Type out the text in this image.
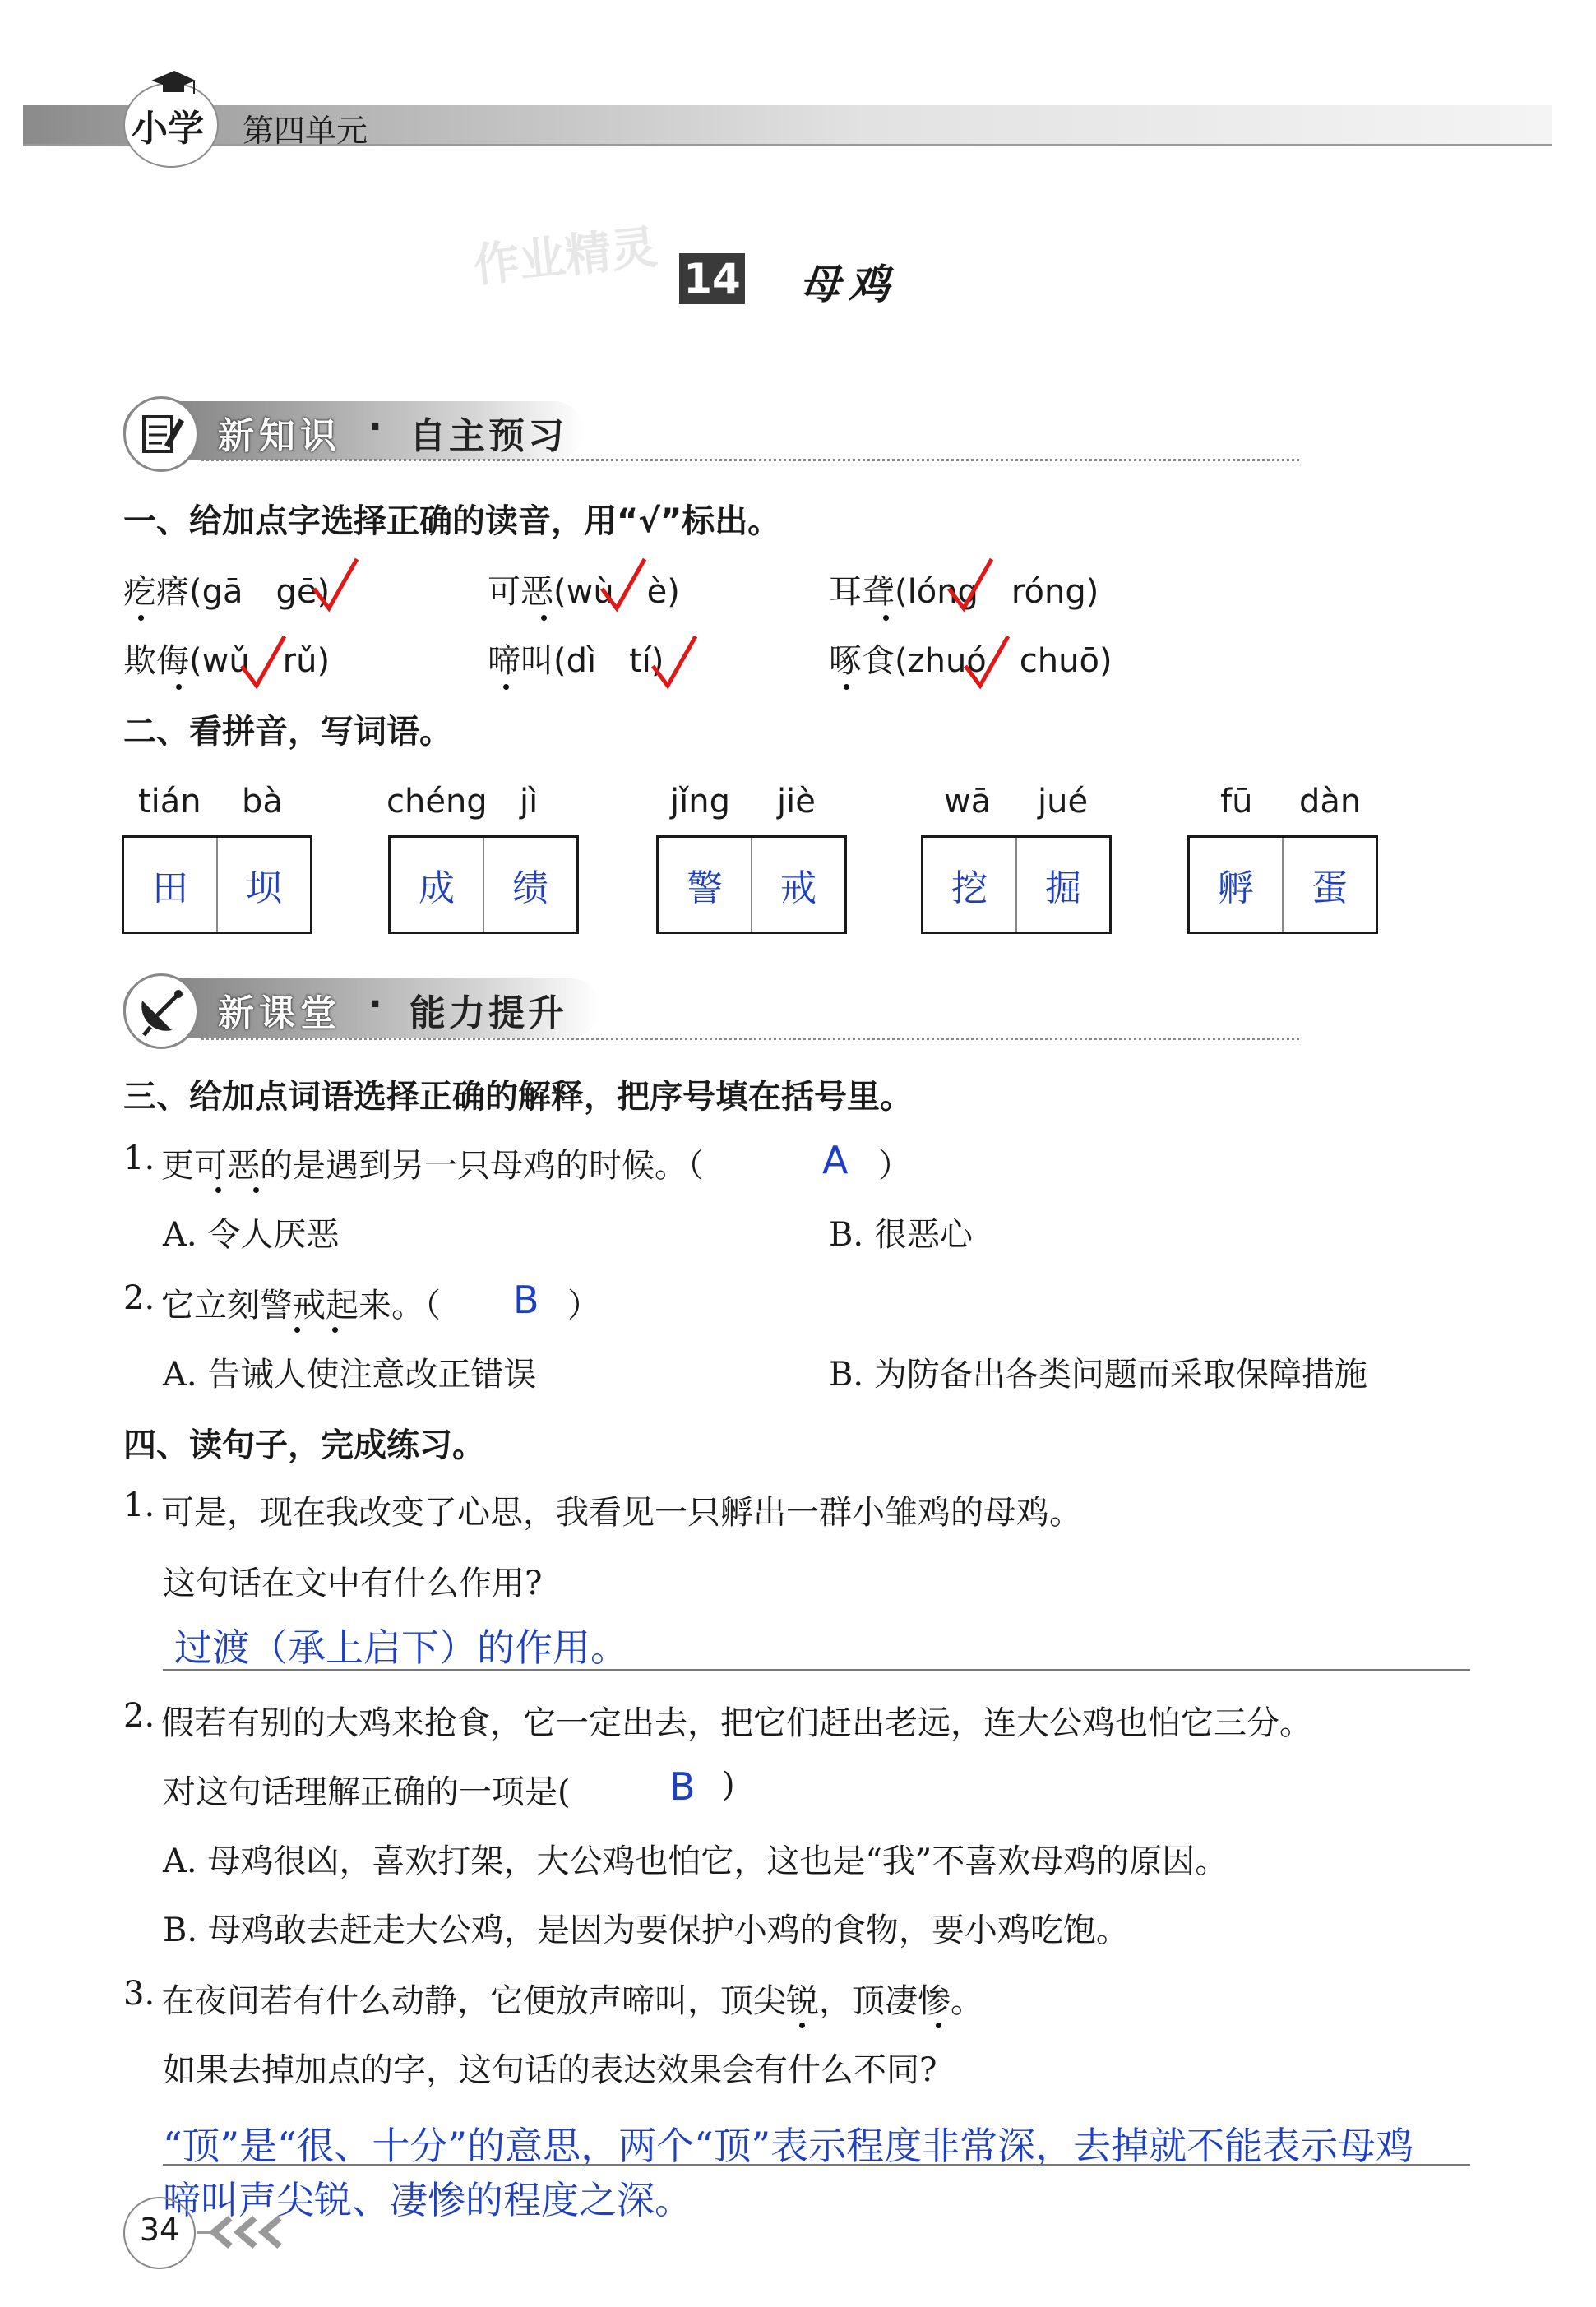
小学 第四单元
作业精灵 14 母鸡
新知识 · 自主预习
一、给加点字选择正确的读音，用“√”标出。
疙瘩(gā　gē)	可恶(wù　è)	耳聋(lóng　róng)
欺侮(wǔ　rǔ)	啼叫(dì　tí)	啄食(zhuó　chuō)
二、看拼音，写词语。
tián bà
田	坝
chéng jì
成	绩
jǐng jiè
警	戒
wā jué
挖	掘
fū dàn
孵	蛋
新课堂 · 能力提升
三、给加点词语选择正确的解释，把序号填在括号里。
1. 更可恶的是遇到另一只母鸡的时候。（	A ）
A. 令人厌恶	B. 很恶心
2. 它立刻警戒起来。（ B ）
A. 告诫人使注意改正错误	B. 为防备出各类问题而采取保障措施
四、读句子，完成练习。
1. 可是，现在我改变了心思，我看见一只孵出一群小雏鸡的母鸡。
这句话在文中有什么作用?
过渡（承上启下）的作用。
2. 假若有别的大鸡来抢食，它一定出去，把它们赶出老远，连大公鸡也怕它三分。
对这句话理解正确的一项是(	B )
A. 母鸡很凶，喜欢打架，大公鸡也怕它，这也是“我”不喜欢母鸡的原因。
B. 母鸡敢去赶走大公鸡，是因为要保护小鸡的食物，要小鸡吃饱。
3. 在夜间若有什么动静，它便放声啼叫，顶尖锐，顶凄惨。
如果去掉加点的字，这句话的表达效果会有什么不同?
“顶”是“很、十分”的意思，两个“顶”表示程度非常深，去掉就不能表示母鸡
啼叫声尖锐、凄惨的程度之深。
34
